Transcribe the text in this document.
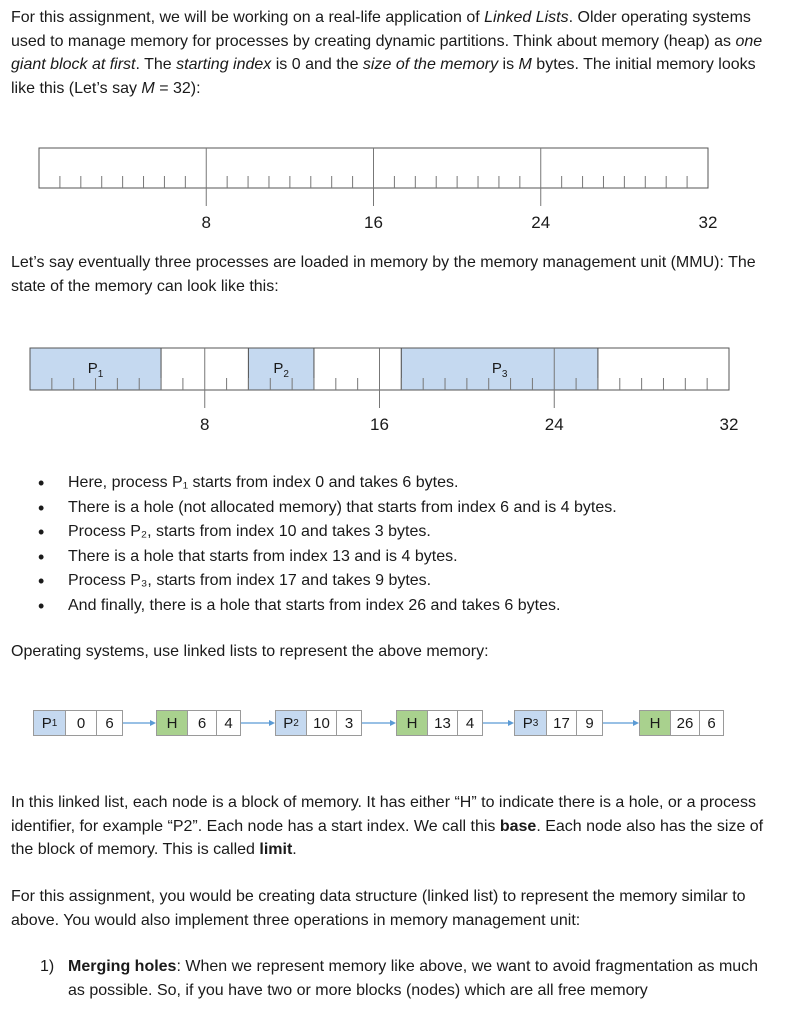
For this assignment, we will be working on a real-life application of Linked Lists. Older operating systems used to manage memory for processes by creating dynamic partitions. Think about memory (heap) as one giant block at first. The starting index is 0 and the size of the memory is M bytes. The initial memory looks like this (Let’s say M = 32):

8	16	24	32

Let’s say eventually three processes are loaded in memory by the memory management unit (MMU): The state of the memory can look like this:

$P_1$	$P_2$	$P_3$
8	16	24	32
• Here, process P₁ starts from index 0 and takes 6 bytes.
• There is a hole (not allocated memory) that starts from index 6 and is 4 bytes.
• Process P₂, starts from index 10 and takes 3 bytes.
• There is a hole that starts from index 13 and is 4 bytes.
• Process P₃, starts from index 17 and takes 9 bytes.
• And finally, there is a hole that starts from index 26 and takes 6 bytes.

Operating systems, use linked lists to represent the above memory:

P 1	0	6	H	6	4	P 2 10 3	H	13 4	P 3 17	9	H	26 6

In this linked list, each node is a block of memory. It has either “H” to indicate there is a hole, or a process identifier, for example “P2”. Each node has a start index. We call this base. Each node also has the size of the block of memory. This is called limit.

For this assignment, you would be creating data structure (linked list) to represent the memory similar to above. You would also implement three operations in memory management unit:

1) Merging holes: When we represent memory like above, we want to avoid fragmentation as much as possible. So, if you have two or more blocks (nodes) which are all free memory
